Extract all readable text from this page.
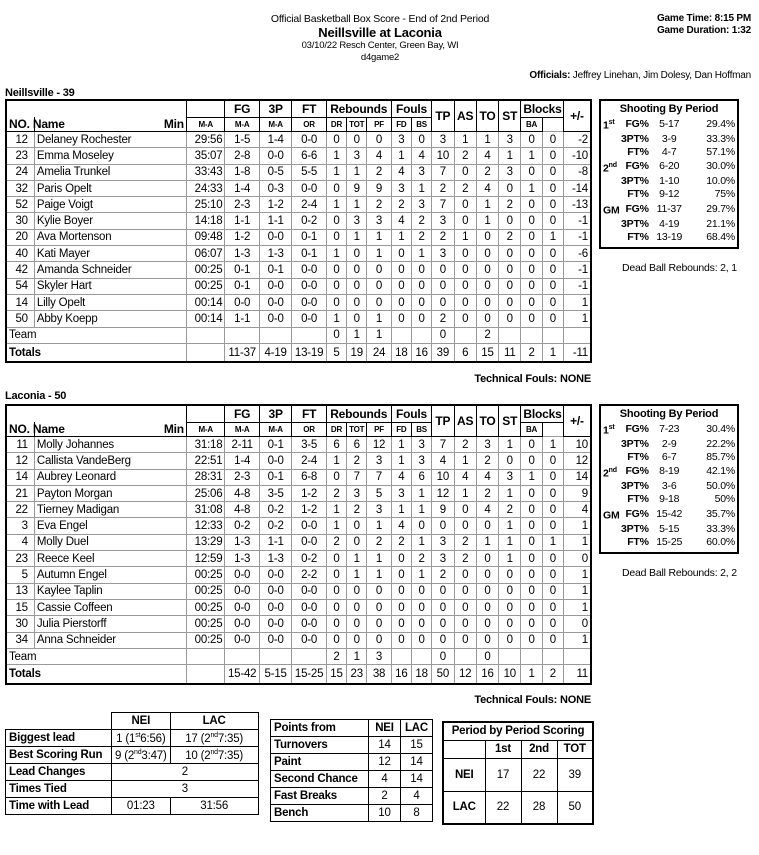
Official Basketball Box Score - End of 2nd Period
Neillsville at Laconia
03/10/22 Resch Center, Green Bay, WI
d4game2
Game Time: 8:15 PM
Game Duration: 1:32
Officials: Jeffrey Linehan, Jim Dolesy, Dan Hoffman
Neillsville - 39
			FG	3P	FT	Rebounds			Fouls		TP	AS	TO	ST	Blocks		+/-
NO. Name	Min	M-A	M-A	M-A	OR	DR	TOT	PF	FD	BS					BA		
12	Delaney Rochester	29:56	1-5	1-4	0-0	0	0	0	3	0	3	1	1	3	0	0	-2
23	Emma Moseley	35:07	2-8	0-0	6-6	1	3	4	1	4	10	2	4	1	1	0	-10
24	Amelia Trunkel	33:43	1-8	0-5	5-5	1	1	2	4	3	7	0	2	3	0	0	-8
32	Paris Opelt	24:33	1-4	0-3	0-0	0	9	9	3	1	2	2	4	0	1	0	-14
52	Paige Voigt	25:10	2-3	1-2	2-4	1	1	2	2	3	7	0	1	2	0	0	-13
30	Kylie Boyer	14:18	1-1	1-1	0-2	0	3	3	4	2	3	0	1	0	0	0	-1
20	Ava Mortenson	09:48	1-2	0-0	0-1	0	1	1	1	2	2	1	0	2	0	1	-1
40	Kati Mayer	06:07	1-3	1-3	0-1	1	0	1	0	1	3	0	0	0	0	0	-6
42	Amanda Schneider	00:25	0-1	0-1	0-0	0	0	0	0	0	0	0	0	0	0	0	-1
54	Skyler Hart	00:25	0-1	0-0	0-0	0	0	0	0	0	0	0	0	0	0	0	-1
14	Lilly Opelt	00:14	0-0	0-0	0-0	0	0	0	0	0	0	0	0	0	0	0	1
50	Abby Koepp	00:14	1-1	0-0	0-0	1	0	1	0	0	2	0	0	0	0	0	1
Team						0	1	1			0		2				
Totals			11-37	4-19	13-19	5	19	24	18	16	39	6	15	11	2	1	-11
Technical Fouls: NONE
Shooting By Period
1st	FG%	5-17	29.4%
	3PT%	3-9	33.3%
	FT%	4-7	57.1%
2nd	FG%	6-20	30.0%
	3PT%	1-10	10.0%
	FT%	9-12	75%
GM	FG%	11-37	29.7%
	3PT%	4-19	21.1%
	FT%	13-19	68.4%
Dead Ball Rebounds: 2, 1
Laconia - 50
			FG	3P	FT	Rebounds			Fouls		TP	AS	TO	ST	Blocks		+/-
NO. Name	Min	M-A	M-A	M-A	OR	DR	TOT	PF	FD	BS					BA		
11	Molly Johannes	31:18	2-11	0-1	3-5	6	6	12	1	3	7	2	3	1	0	1	10
12	Callista VandeBerg	22:51	1-4	0-0	2-4	1	2	3	1	3	4	1	2	0	0	0	12
14	Aubrey Leonard	28:31	2-3	0-1	6-8	0	7	7	4	6	10	4	4	3	1	0	14
21	Payton Morgan	25:06	4-8	3-5	1-2	2	3	5	3	1	12	1	2	1	0	0	9
22	Tierney Madigan	31:08	4-8	0-2	1-2	1	2	3	1	1	9	0	4	2	0	0	4
3	Eva Engel	12:33	0-2	0-2	0-0	1	0	1	4	0	0	0	0	1	0	0	1
4	Molly Duel	13:29	1-3	1-1	0-0	2	0	2	2	1	3	2	1	1	0	1	1
23	Reece Keel	12:59	1-3	1-3	0-2	0	1	1	0	2	3	2	0	1	0	0	0
5	Autumn Engel	00:25	0-0	0-0	2-2	0	1	1	0	1	2	0	0	0	0	0	1
13	Kaylee Taplin	00:25	0-0	0-0	0-0	0	0	0	0	0	0	0	0	0	0	0	1
15	Cassie Coffeen	00:25	0-0	0-0	0-0	0	0	0	0	0	0	0	0	0	0	0	1
30	Julia Pierstorff	00:25	0-0	0-0	0-0	0	0	0	0	0	0	0	0	0	0	0	0
34	Anna Schneider	00:25	0-0	0-0	0-0	0	0	0	0	0	0	0	0	0	0	0	1
Team						2	1	3			0		0				
Totals			15-42	5-15	15-25	15	23	38	16	18	50	12	16	10	1	2	11
Technical Fouls: NONE
Shooting By Period
1st	FG%	7-23	30.4%
	3PT%	2-9	22.2%
	FT%	6-7	85.7%
2nd	FG%	8-19	42.1%
	3PT%	3-6	50.0%
	FT%	9-18	50%
GM	FG%	15-42	35.7%
	3PT%	5-15	33.3%
	FT%	15-25	60.0%
Dead Ball Rebounds: 2, 2
	NEI	LAC
Biggest lead	1 (1st6:56)	17 (2nd7:35)
Best Scoring Run	9 (2nd3:47)	10 (2nd7:35)
Lead Changes	2	
Times Tied	3	
Time with Lead	01:23	31:56
Points from	NEI	LAC
Turnovers	14	15
Paint	12	14
Second Chance	4	14
Fast Breaks	2	4
Bench	10	8
Period by Period Scoring			
	1st	2nd	TOT
NEI	17	22	39
LAC	22	28	50
